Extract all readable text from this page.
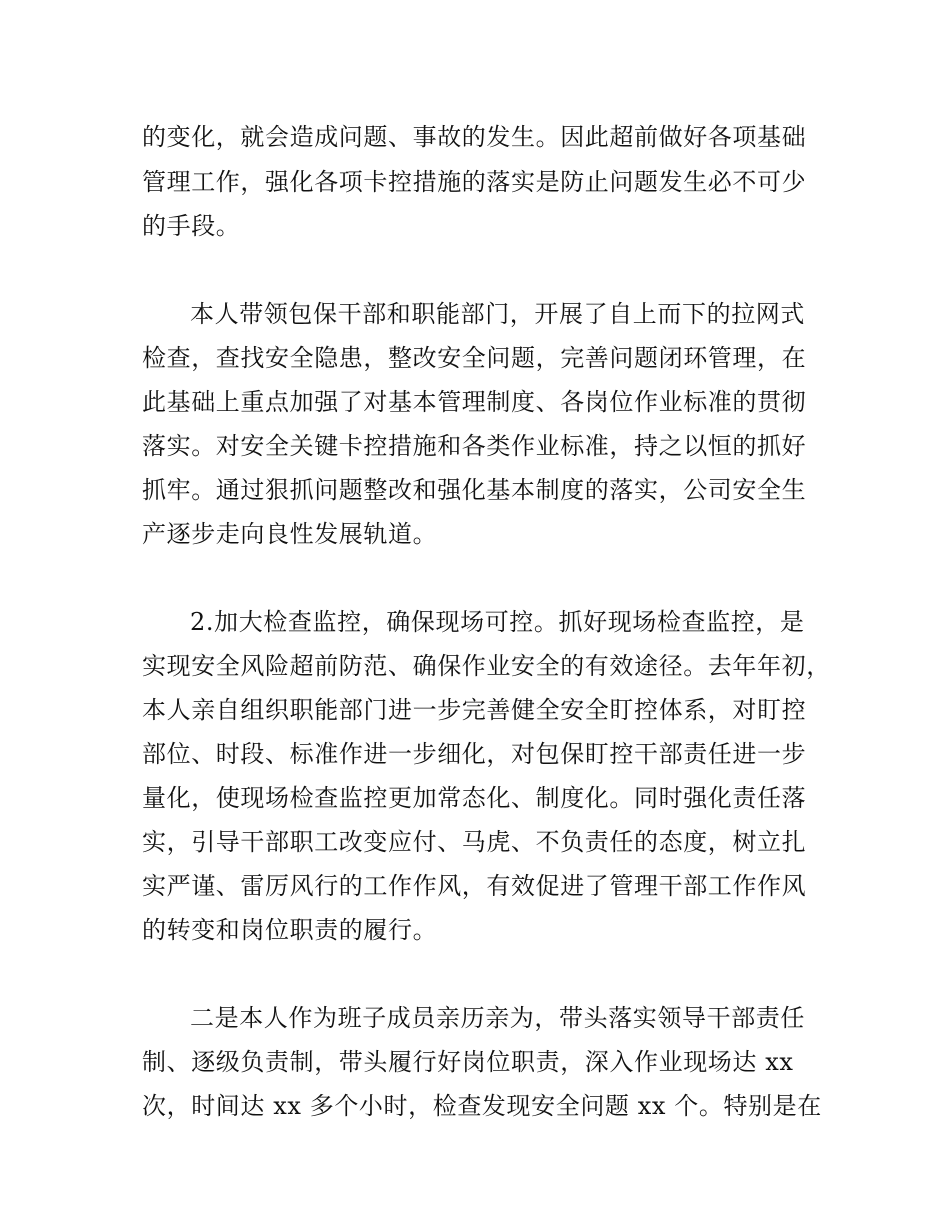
的变化，就会造成问题、事故的发生。因此超前做好各项基础

管理工作，强化各项卡控措施的落实是防止问题发生必不可少

的手段。

本人带领包保干部和职能部门，开展了自上而下的拉网式

检查，查找安全隐患，整改安全问题，完善问题闭环管理，在

此基础上重点加强了对基本管理制度、各岗位作业标准的贯彻

落实。对安全关键卡控措施和各类作业标准，持之以恒的抓好

抓牢。通过狠抓问题整改和强化基本制度的落实，公司安全生

产逐步走向良性发展轨道。

2.加大检查监控，确保现场可控。抓好现场检查监控，是

实现安全风险超前防范、确保作业安全的有效途径。去年年初，

本人亲自组织职能部门进一步完善健全安全盯控体系，对盯控

部位、时段、标准作进一步细化，对包保盯控干部责任进一步

量化，使现场检查监控更加常态化、制度化。同时强化责任落

实，引导干部职工改变应付、马虎、不负责任的态度，树立扎

实严谨、雷厉风行的工作作风，有效促进了管理干部工作作风

的转变和岗位职责的履行。

二是本人作为班子成员亲历亲为，带头落实领导干部责任

制、逐级负责制，带头履行好岗位职责，深入作业现场达 xx

次，时间达 xx 多个小时，检查发现安全问题 xx 个。特别是在
